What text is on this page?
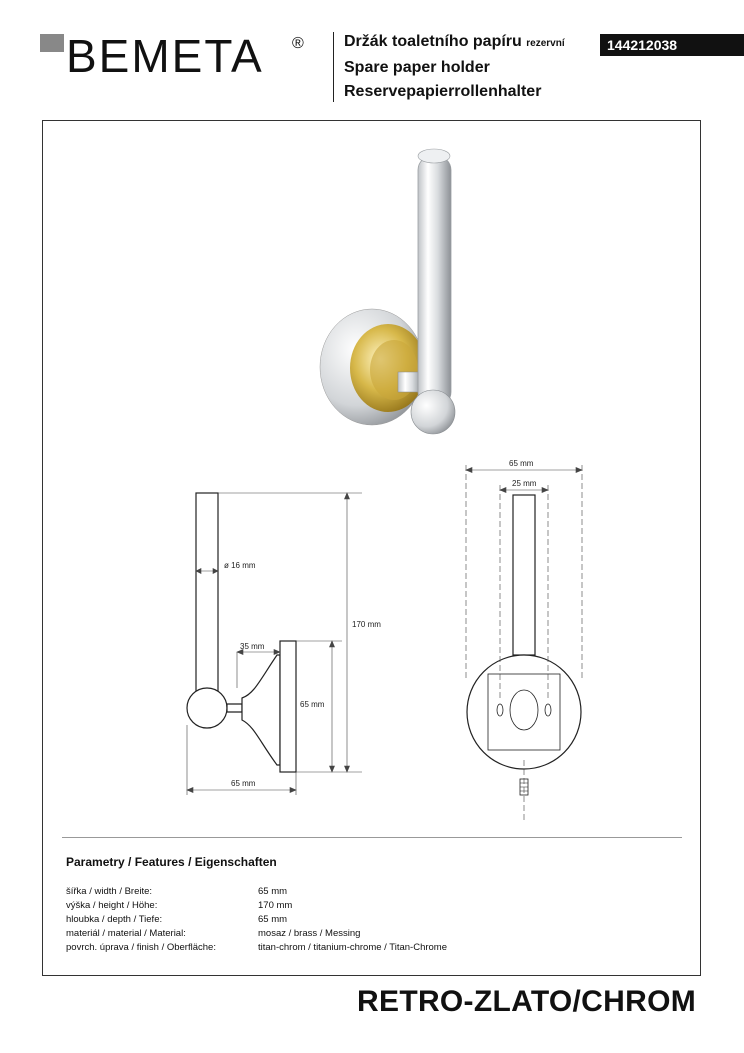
BEMETA ®	Držák toaletního papíru rezervní
Spare paper holder
Reservepapierrollenhalter
144212038
ø 16 mm
170 mm
35 mm
65 mm
65 mm
65 mm
25 mm
Parametry / Features / Eigenschaften
šířka / width / Breite:	65 mm
výška / height / Höhe:	170 mm
hloubka / depth / Tiefe:	65 mm
materiál / material / Material:	mosaz / brass / Messing
povrch. úprava / finish / Oberfläche:	titan-chrom / titanium-chrome / Titan-Chrome
RETRO-ZLATO/CHROM
